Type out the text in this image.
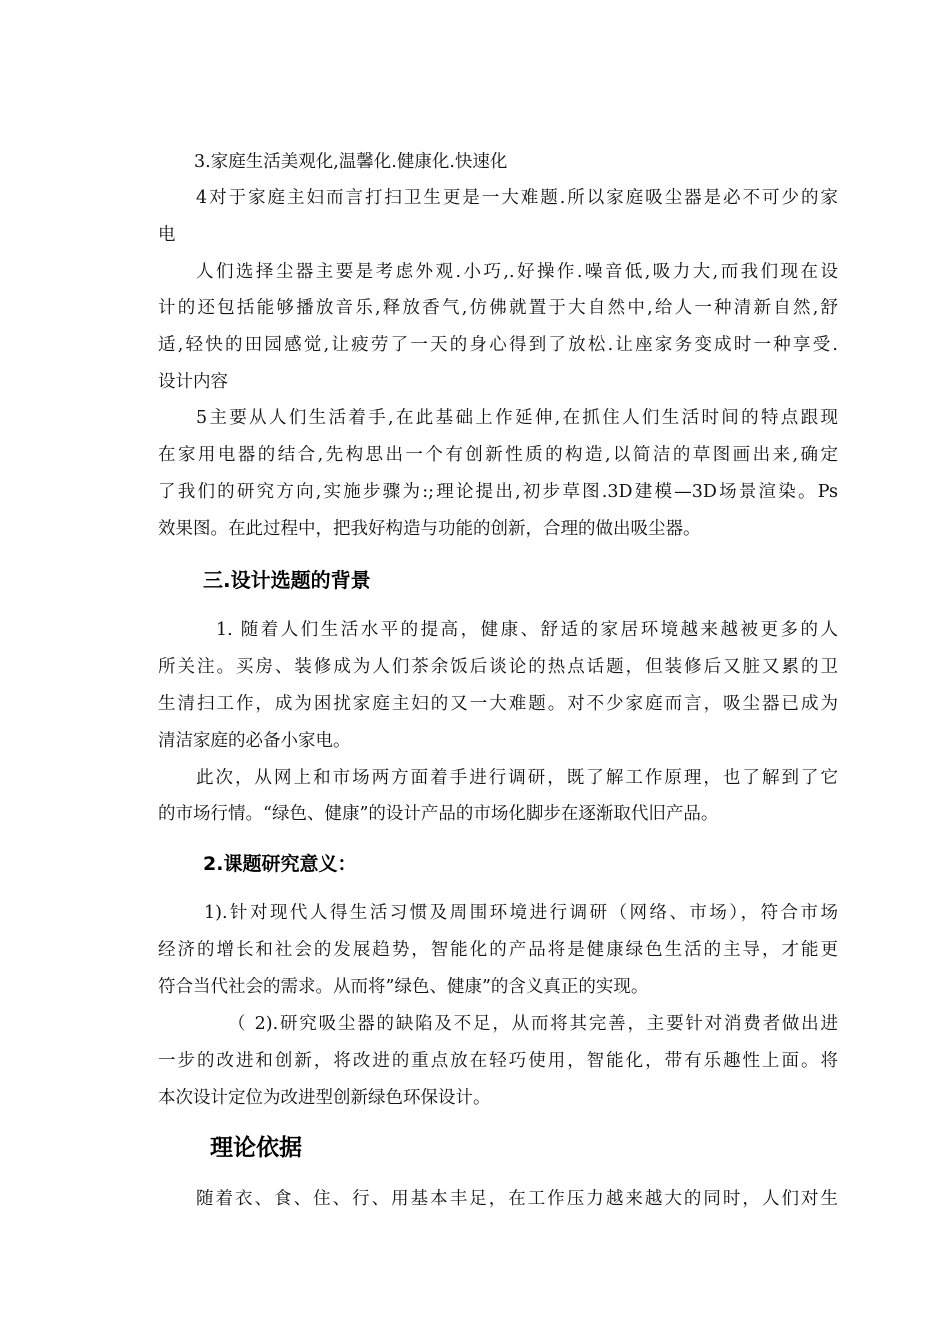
3.家庭生活美观化,温馨化.健康化.快速化
4对于家庭主妇而言打扫卫生更是一大难题.所以家庭吸尘器是必不可少的家
电
人们选择尘器主要是考虑外观.小巧,.好操作.噪音低,吸力大,而我们现在设
计的还包括能够播放音乐,释放香气,仿佛就置于大自然中,给人一种清新自然,舒
适,轻快的田园感觉,让疲劳了一天的身心得到了放松.让座家务变成时一种享受.
设计内容
5主要从人们生活着手,在此基础上作延伸,在抓住人们生活时间的特点跟现
在家用电器的结合,先构思出一个有创新性质的构造,以简洁的草图画出来,确定
了我们的研究方向,实施步骤为:;理论提出,初步草图.3D建模—3D场景渲染。Ps
效果图。在此过程中，把我好构造与功能的创新，合理的做出吸尘器。
三.设计选题的背景
1. 随着人们生活水平的提高，健康、舒适的家居环境越来越被更多的人
所关注。买房、装修成为人们茶余饭后谈论的热点话题，但装修后又脏又累的卫
生清扫工作，成为困扰家庭主妇的又一大难题。对不少家庭而言，吸尘器已成为
清洁家庭的必备小家电。
此次，从网上和市场两方面着手进行调研，既了解工作原理，也了解到了它
的市场行情。“绿色、健康”的设计产品的市场化脚步在逐渐取代旧产品。
2.课题研究意义：
1).针对现代人得生活习惯及周围环境进行调研（网络、市场），符合市场
经济的增长和社会的发展趋势，智能化的产品将是健康绿色生活的主导，才能更
符合当代社会的需求。从而将”绿色、健康”的含义真正的实现。
（ 2).研究吸尘器的缺陷及不足，从而将其完善，主要针对消费者做出进
一步的改进和创新，将改进的重点放在轻巧使用，智能化，带有乐趣性上面。将
本次设计定位为改进型创新绿色环保设计。
理论依据
随着衣、食、住、行、用基本丰足，在工作压力越来越大的同时，人们对生
